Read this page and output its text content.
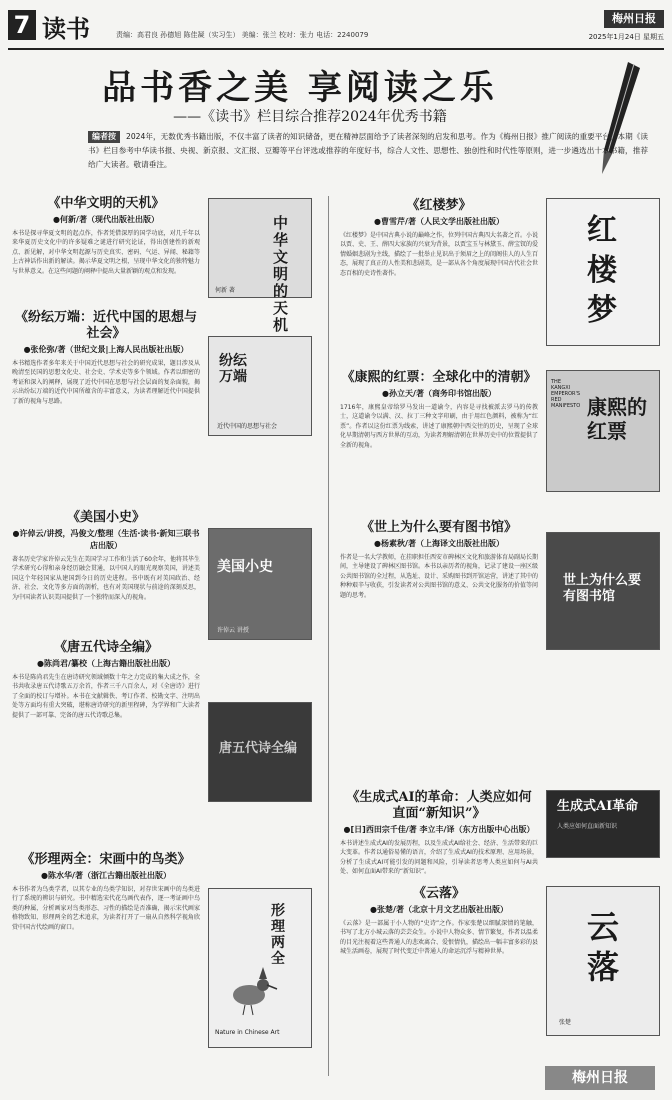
7 读书	责编：高君良 孙德旭 陈佳凝（实习生） 美编：张兰 校对：张力 电话：2240079
梅州日报
2025年1月24日 星期五
品书香之美 享阅读之乐
——《读书》栏目综合推荐2024年优秀书籍
编者按 2024年，无数优秀书籍出版，不仅丰富了读者的知识储备，更在精神层面给予了读者深刻的启发和思考。作为《梅州日报》推广阅读的重要平台，本期《读书》栏目参考中华读书报、央视、新京报、文汇报、豆瓣等平台评选或推荐的年度好书，综合人文性、思想性、独创性和时代性等原则，进一步遴选出十本书籍，推荐给广大读者。敬请垂注。
《中华文明的天机》
●何新/著（现代出版社出版）
本书是探寻华夏文明的起点作，作者凭借深厚的国学功底，对几千年以来华夏历史文化中的许多疑难之谜进行研究论证，得出创建性的新观点、新见解，对中华文明起源与历史真实、密码、气运、异闻、秘籍等上古神话作出新的解读。揭示华夏文明之根，呈现中华文化的独特魅力与世界意义。在这些问题的阐释中提出大量新颖的观点和发现。
中华文明的天机
何新 著
《纷纭万端：近代中国的思想与社会》
●张伦弥/著（世纪文景|上海人民出版社出版）
本书精选作者多年来关于中国近代思想与社会的研究成果，题目涉及从晚清至民国的思想文化史、社会史、学术史等多个领域。作者以细密的考证和深入的阐释，展现了近代中国在思想与社会层面的复杂面貌，揭示出纷纭万端的近代中国所蕴含的丰富意义，为读者理解近代中国提供了新的视角与思路。
纷纭万端
近代中国的思想与社会
《美国小史》
●许倬云/讲授，冯俊文/整理（生活·读书·新知三联书店出版）
著名历史学家许倬云先生在美国学习工作和生活了60余年，他将其毕生学术研究心得和亲身经历融会贯通，以中国人的眼光观察美国，讲述美国这个年轻国家从建国到今日的历史进程。书中既有对美国政治、经济、社会、文化等多方面的剖析，也有对美国现状与前途的深刻反思，为中国读者认识美国提供了一个独特而深入的视角。
美国小史
许倬云 讲授
《唐五代诗全编》
●陈尚君/纂校（上海古籍出版社出版）
本书是陈尚君先生在唐诗研究领域倾数十年之力完成的集大成之作，全书共收录唐五代诗歌五万余首，作者三千八百余人，对《全唐诗》进行了全面的校订与增补。本书在文献辑佚、考订作者、校勘文字、注明出处等方面均有重大突破，堪称唐诗研究的新里程碑，为学界和广大读者提供了一部可靠、完备的唐五代诗歌总集。
唐五代诗全编
《形理两全：宋画中的鸟类》
●陈水华/著（浙江古籍出版社出版）
本书作者为鸟类学者，以其专业的鸟类学知识，对存世宋画中的鸟类进行了系统的辨识与研究。书中精选宋代花鸟画代表作，逐一考证画中鸟类的种属，分析画家对鸟类形态、习性的描绘是否准确，揭示宋代画家格物致知、形理两全的艺术追求，为读者打开了一扇从自然科学视角欣赏中国古代绘画的窗口。
形理两全
Nature in Chinese Art
《红楼梦》
●曹雪芹/著（人民文学出版社出版）
《红楼梦》是中国古典小说的巅峰之作，位列中国古典四大名著之首。小说以贾、史、王、薛四大家族的兴衰为背景，以贾宝玉与林黛玉、薛宝钗的爱情婚姻悲剧为主线，描绘了一批举止见识出于须眉之上的闺阁佳人的人生百态，展现了真正的人性美和悲剧美，是一部从各个角度展现中国古代社会世态百相的史诗性著作。
红楼梦
《康熙的红票：全球化中的清朝》
●孙立天/著（商务印书馆出版）
1716年，康熙皇帝给罗马发出一道谕令，内容是寻找被派去罗马的传教士，这道谕令以满、汉、拉丁三种文字印刷，由于用红色颜料，被称为“红票”。作者以这份红票为线索，讲述了康熙朝中西交往的历史，呈现了全球化早期清朝与西方世界的互动，为读者理解清朝在世界历史中的位置提供了全新的视角。
康熙的红票
THE KANGXI EMPEROR'S RED MANIFESTO
《世上为什么要有图书馆》
●杨素秋/著（上海译文出版社出版）
作者是一名大学教师，在挂职担任西安市碑林区文化和旅游体育局副局长期间，主导建设了碑林区图书馆。本书以亲历者的视角，记录了建设一座区级公共图书馆的全过程，从选址、设计、采购图书到开馆运营，讲述了其中的种种艰辛与收获，引发读者对公共图书馆的意义、公共文化服务的价值等问题的思考。
世上为什么要有图书馆
《生成式AI的革命：人类应如何直面“新知识”》
●[日]西田宗千佳/著 李立丰/译（东方出版中心出版）
本书讲述生成式AI的发展历程，以及生成式AI给社会、经济、生活带来的巨大变革。作者以通俗易懂的语言，介绍了生成式AI的技术原理、应用场景，分析了生成式AI可能引发的问题和风险，引导读者思考人类应如何与AI共处、如何直面AI带来的“新知识”。
生成式AI革命
人类应如何直面新知识
《云落》
●张楚/著（北京十月文艺出版社出版）
《云落》是一部属于小人物的“史诗”之作。作家张楚以细腻深情的笔触，书写了北方小城云落的芸芸众生。小说中人物众多、情节繁复，作者以温柔的目光注视着这些普通人的悲欢离合、爱恨情仇，描绘出一幅丰富多彩的县城生活画卷，展现了时代变迁中普通人的命运沉浮与精神世界。
云落
张楚
梅州日报
